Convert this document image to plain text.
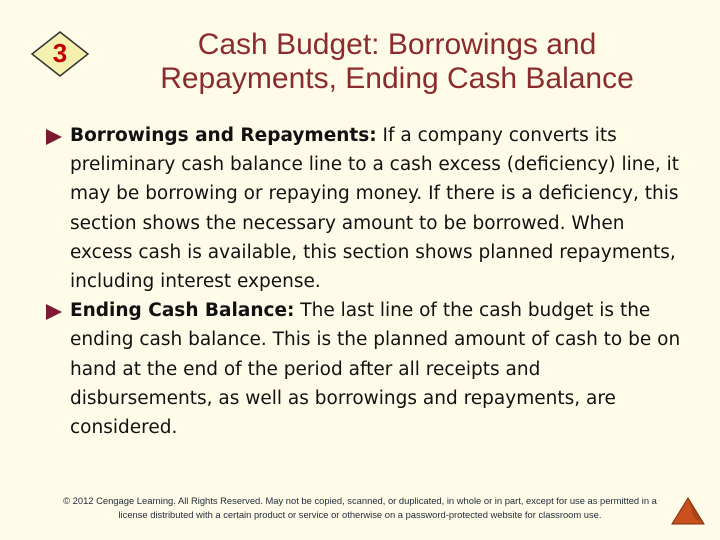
3	Cash Budget: Borrowings and
Repayments, Ending Cash Balance

Borrowings and Repayments: If a company converts its preliminary cash balance line to a cash excess (deficiency) line, it may be borrowing or repaying money. If there is a deficiency, this section shows the necessary amount to be borrowed. When excess cash is available, this section shows planned repayments, including interest expense.

Ending Cash Balance: The last line of the cash budget is the ending cash balance. This is the planned amount of cash to be on hand at the end of the period after all receipts and disbursements, as well as borrowings and repayments, are considered.

© 2012 Cengage Learning. All Rights Reserved. May not be copied, scanned, or duplicated, in whole or in part, except for use as permitted in a
license distributed with a certain product or service or otherwise on a password-protected website for classroom use.
